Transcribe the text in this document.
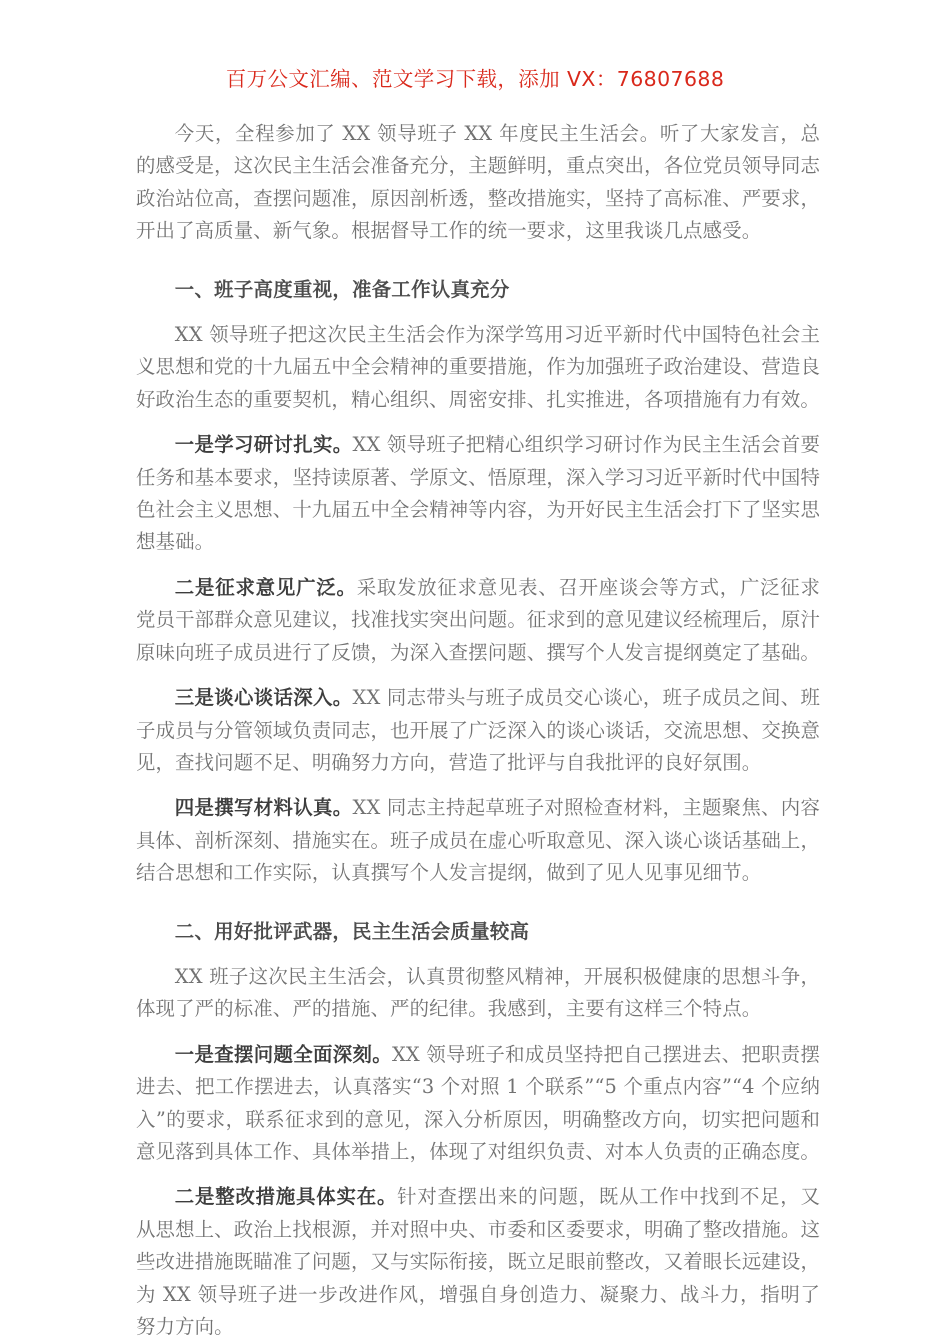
百万公文汇编、范文学习下载，添加 VX：76807688

今天，全程参加了 XX 领导班子 XX 年度民主生活会。听了大家发言，总的感受是，这次民主生活会准备充分，主题鲜明，重点突出，各位党员领导同志政治站位高，查摆问题准，原因剖析透，整改措施实，坚持了高标准、严要求，开出了高质量、新气象。根据督导工作的统一要求，这里我谈几点感受。

一、班子高度重视，准备工作认真充分

XX 领导班子把这次民主生活会作为深学笃用习近平新时代中国特色社会主义思想和党的十九届五中全会精神的重要措施，作为加强班子政治建设、营造良好政治生态的重要契机，精心组织、周密安排、扎实推进，各项措施有力有效。

一是学习研讨扎实。XX 领导班子把精心组织学习研讨作为民主生活会首要任务和基本要求，坚持读原著、学原文、悟原理，深入学习习近平新时代中国特色社会主义思想、十九届五中全会精神等内容，为开好民主生活会打下了坚实思想基础。

二是征求意见广泛。采取发放征求意见表、召开座谈会等方式，广泛征求党员干部群众意见建议，找准找实突出问题。征求到的意见建议经梳理后，原汁原味向班子成员进行了反馈，为深入查摆问题、撰写个人发言提纲奠定了基础。

三是谈心谈话深入。XX 同志带头与班子成员交心谈心，班子成员之间、班子成员与分管领域负责同志，也开展了广泛深入的谈心谈话，交流思想、交换意见，查找问题不足、明确努力方向，营造了批评与自我批评的良好氛围。

四是撰写材料认真。XX 同志主持起草班子对照检查材料，主题聚焦、内容具体、剖析深刻、措施实在。班子成员在虚心听取意见、深入谈心谈话基础上，结合思想和工作实际，认真撰写个人发言提纲，做到了见人见事见细节。

二、用好批评武器，民主生活会质量较高

XX 班子这次民主生活会，认真贯彻整风精神，开展积极健康的思想斗争，体现了严的标准、严的措施、严的纪律。我感到，主要有这样三个特点。

一是查摆问题全面深刻。XX 领导班子和成员坚持把自己摆进去、把职责摆进去、把工作摆进去，认真落实“3 个对照 1 个联系”“5 个重点内容”“4 个应纳入”的要求，联系征求到的意见，深入分析原因，明确整改方向，切实把问题和意见落到具体工作、具体举措上，体现了对组织负责、对本人负责的正确态度。

二是整改措施具体实在。针对查摆出来的问题，既从工作中找到不足，又从思想上、政治上找根源，并对照中央、市委和区委要求，明确了整改措施。这些改进措施既瞄准了问题，又与实际衔接，既立足眼前整改，又着眼长远建设，为 XX 领导班子进一步改进作风，增强自身创造力、凝聚力、战斗力，指明了努力方向。
